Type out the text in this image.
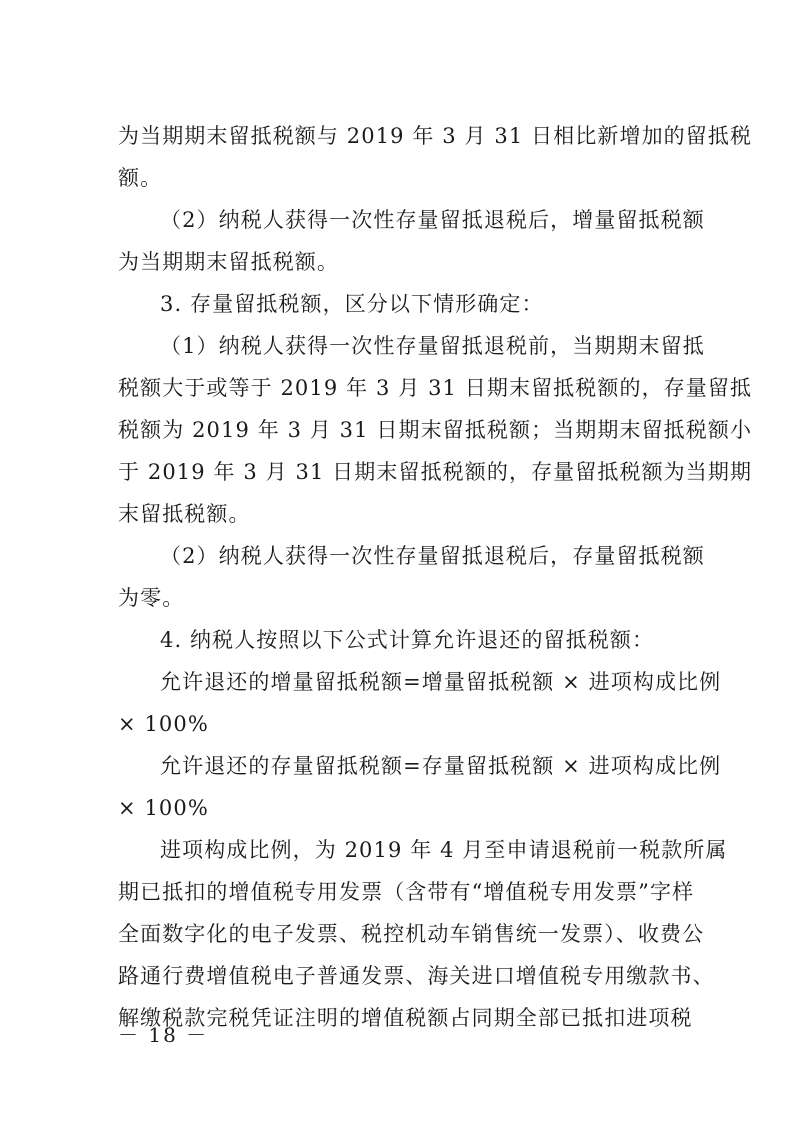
为当期期末留抵税额与 2019 年 3 月 31 日相比新增加的留抵税
额。
（2）纳税人获得一次性存量留抵退税后，增量留抵税额
为当期期末留抵税额。
3. 存量留抵税额，区分以下情形确定：
（1）纳税人获得一次性存量留抵退税前，当期期末留抵
税额大于或等于 2019 年 3 月 31 日期末留抵税额的，存量留抵
税额为 2019 年 3 月 31 日期末留抵税额；当期期末留抵税额小
于 2019 年 3 月 31 日期末留抵税额的，存量留抵税额为当期期
末留抵税额。
（2）纳税人获得一次性存量留抵退税后，存量留抵税额
为零。
4. 纳税人按照以下公式计算允许退还的留抵税额：
允许退还的增量留抵税额=增量留抵税额 × 进项构成比例
× 100%
允许退还的存量留抵税额=存量留抵税额 × 进项构成比例
× 100%
进项构成比例，为 2019 年 4 月至申请退税前一税款所属
期已抵扣的增值税专用发票（含带有“增值税专用发票”字样
全面数字化的电子发票、税控机动车销售统一发票）、收费公
路通行费增值税电子普通发票、海关进口增值税专用缴款书、
解缴税款完税凭证注明的增值税额占同期全部已抵扣进项税
－ 18 －
